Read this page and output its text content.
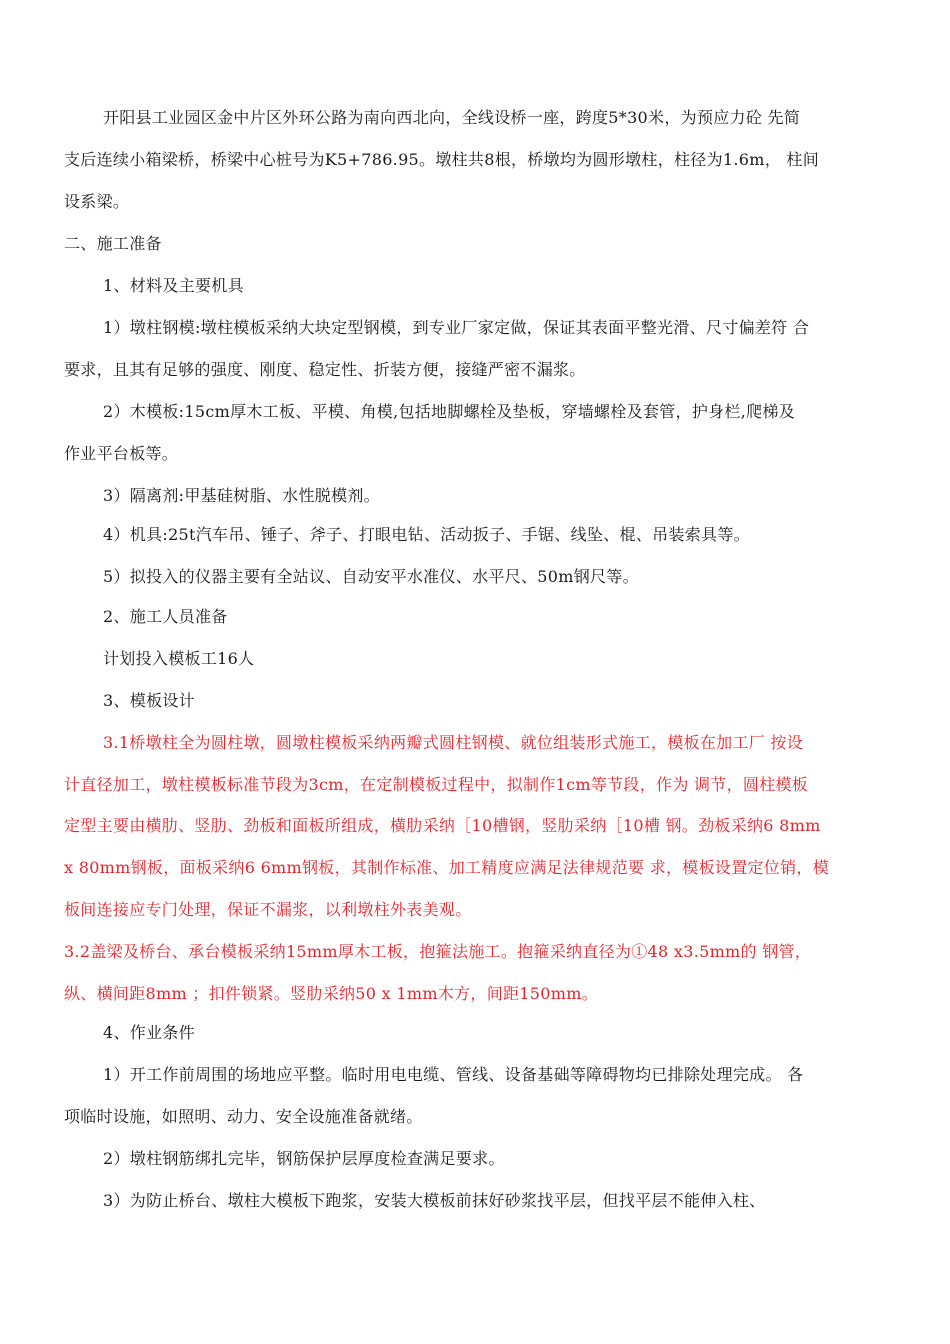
开阳县工业园区金中片区外环公路为南向西北向，全线设桥一座，跨度5*30米，为预应力砼 先简
支后连续小箱梁桥，桥梁中心桩号为K5+786.95。墩柱共8根，桥墩均为圆形墩柱，柱径为1.6m， 柱间
设系梁。
二、施工准备
1、材料及主要机具
1）墩柱钢模:墩柱模板采纳大块定型钢模，到专业厂家定做，保证其表面平整光滑、尺寸偏差符 合
要求，且其有足够的强度、刚度、稳定性、折装方便，接缝严密不漏浆。
2）木模板:15cm厚木工板、平模、角模,包括地脚螺栓及垫板，穿墙螺栓及套管，护身栏,爬梯及
作业平台板等。
3）隔离剂:甲基硅树脂、水性脱模剂。
4）机具:25t汽车吊、锤子、斧子、打眼电钻、活动扳子、手锯、线坠、棍、吊装索具等。
5）拟投入的仪器主要有全站议、自动安平水准仪、水平尺、50m钢尺等。
2、施工人员准备
计划投入模板工16人
3、模板设计
3.1桥墩柱全为圆柱墩，圆墩柱模板采纳两瓣式圆柱钢模、就位组装形式施工，模板在加工厂 按设
计直径加工，墩柱模板标准节段为3cm，在定制模板过程中，拟制作1cm等节段，作为 调节，圆柱模板
定型主要由横肋、竖肋、劲板和面板所组成，横肋采纳［10槽钢，竖肋采纳［10槽 钢。劲板采纳6 8mm
x 80mm钢板，面板采纳6 6mm钢板，其制作标准、加工精度应满足法律规范要 求，模板设置定位销，模
板间连接应专门处理，保证不漏浆，以利墩柱外表美观。
3.2盖梁及桥台、承台模板采纳15mm厚木工板，抱箍法施工。抱箍采纳直径为①48 x3.5mm的 钢管，
纵、横间距8mm ；扣件锁紧。竖肋采纳50 x 1mm木方，间距150mm。
4、作业条件
1）开工作前周围的场地应平整。临时用电电缆、管线、设备基础等障碍物均已排除处理完成。 各
项临时设施，如照明、动力、安全设施准备就绪。
2）墩柱钢筋绑扎完毕，钢筋保护层厚度检查满足要求。
3）为防止桥台、墩柱大模板下跑浆，安装大模板前抹好砂浆找平层，但找平层不能伸入柱、
